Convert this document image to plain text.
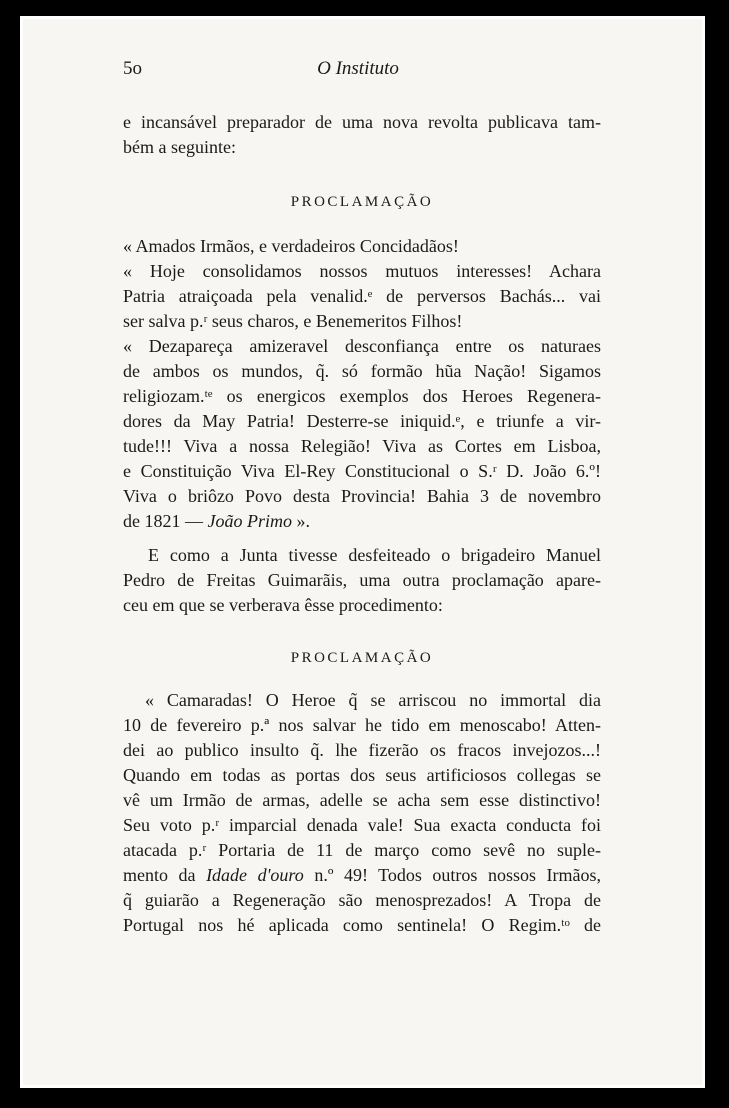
5o	O Instituto
e incansável preparador de uma nova revolta publicava tam-
bém a seguinte:
PROCLAMAÇÃO
« Amados Irmãos, e verdadeiros Concidadãos!
« Hoje consolidamos nossos mutuos interesses! Achara
Patria atraiçoada pela venalid.ᵉ de perversos Bachás... vai
ser salva p.ʳ seus charos, e Benemeritos Filhos!
« Dezapareça amizeravel desconfiança entre os naturaes
de ambos os mundos, q̃. só formão hũa Nação! Sigamos
religiozam.ᵗᵉ os energicos exemplos dos Heroes Regenera-
dores da May Patria! Desterre-se iniquid.ᵉ, e triunfe a vir-
tude!!! Viva a nossa Relegião! Viva as Cortes em Lisboa,
e Constituição Viva El-Rey Constitucional o S.ʳ D. João 6.º!
Viva o briôzo Povo desta Provincia! Bahia 3 de novembro
de 1821 — João Primo ».
E como a Junta tivesse desfeiteado o brigadeiro Manuel
Pedro de Freitas Guimarãis, uma outra proclamação apare-
ceu em que se verberava êsse procedimento:
PROCLAMAÇÃO
« Camaradas! O Heroe q̃ se arriscou no immortal dia
10 de fevereiro p.ª nos salvar he tido em menoscabo! Atten-
dei ao publico insulto q̃. lhe fizerão os fracos invejozos...!
Quando em todas as portas dos seus artificiosos collegas se
vê um Irmão de armas, adelle se acha sem esse distinctivo!
Seu voto p.ʳ imparcial denada vale! Sua exacta conducta foi
atacada p.ʳ Portaria de 11 de março como sevê no suple-
mento da Idade d'ouro n.º 49! Todos outros nossos Irmãos,
q̃ guiarão a Regeneração são menosprezados! A Tropa de
Portugal nos hé aplicada como sentinela! O Regim.ᵗᵒ de
